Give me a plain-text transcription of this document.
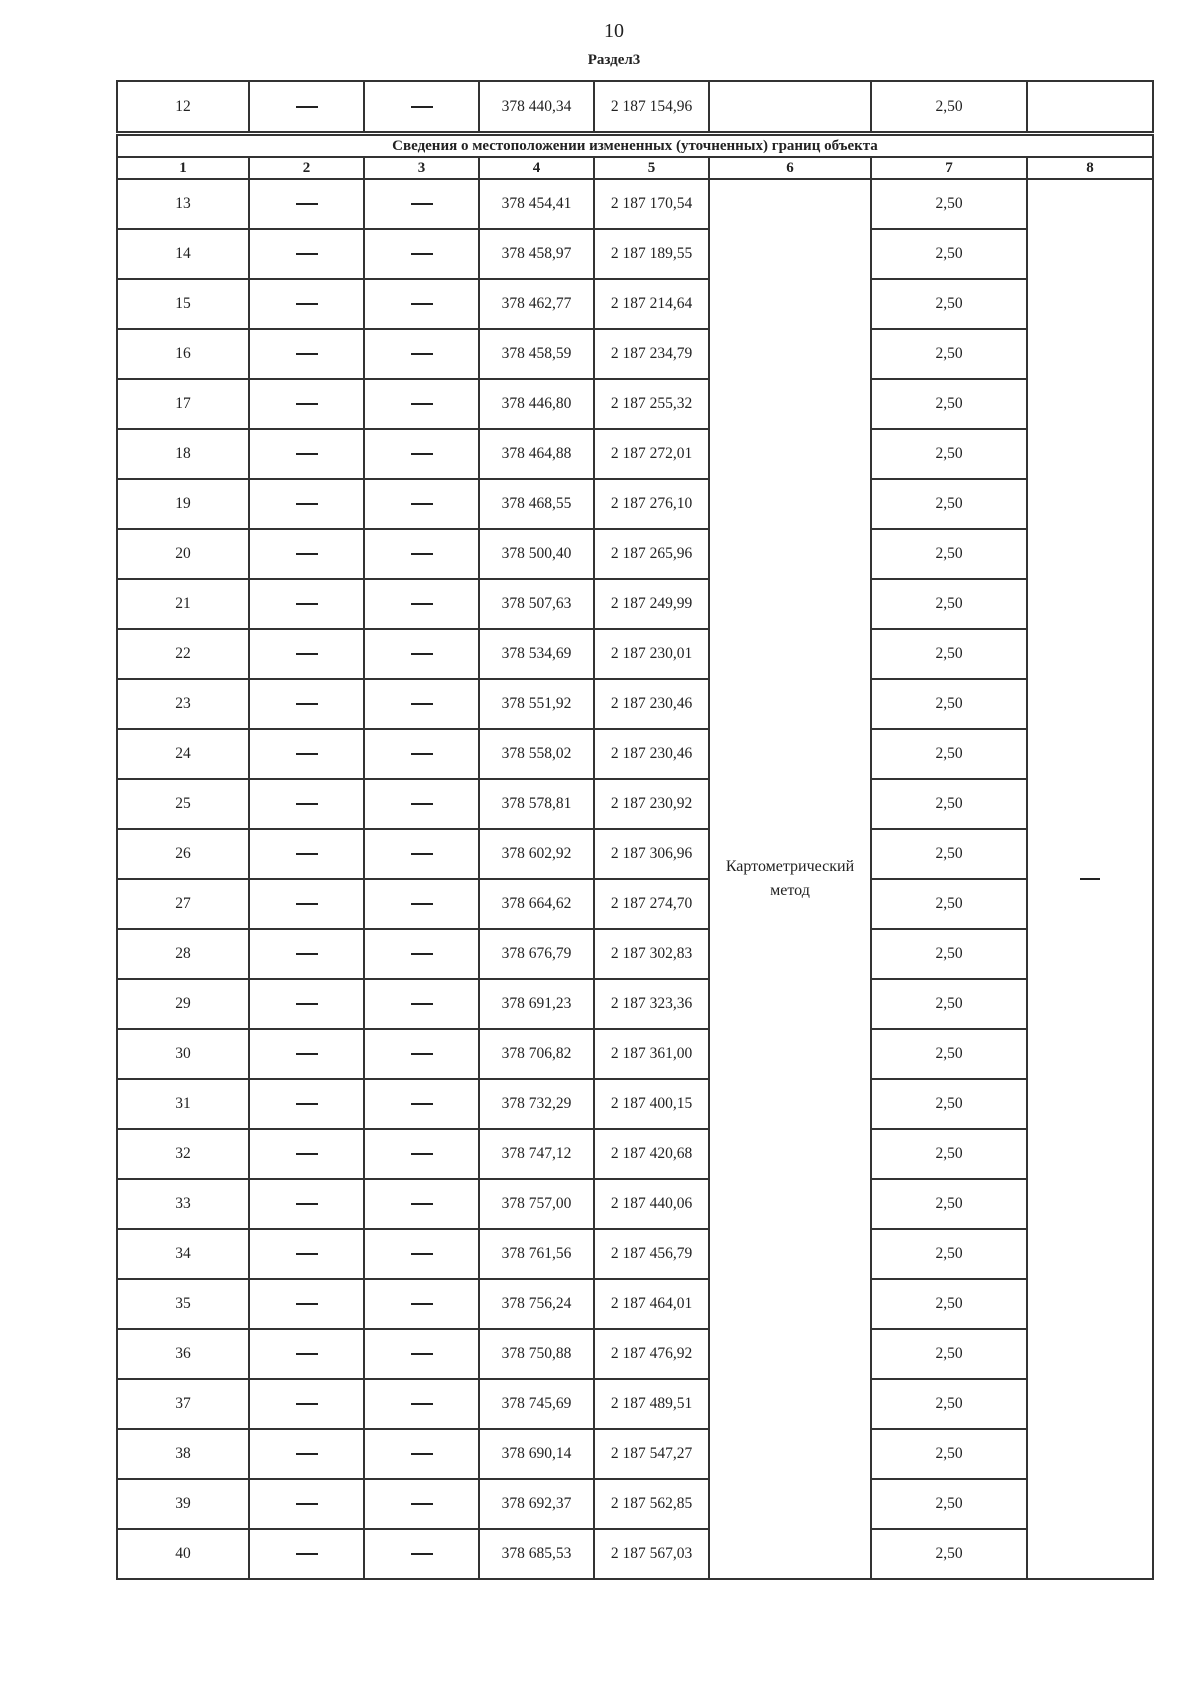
10
Раздел3
12			378 440,34	2 187 154,96		2,50	
Сведения о местоположении измененных (уточненных) границ объекта							
1	2	3	4	5	6	7	8
13			378 454,41	2 187 170,54	Картометрический метод	2,50	
14			378 458,97	2 187 189,55		2,50	
15			378 462,77	2 187 214,64		2,50	
16			378 458,59	2 187 234,79		2,50	
17			378 446,80	2 187 255,32		2,50	
18			378 464,88	2 187 272,01		2,50	
19			378 468,55	2 187 276,10		2,50	
20			378 500,40	2 187 265,96		2,50	
21			378 507,63	2 187 249,99		2,50	
22			378 534,69	2 187 230,01		2,50	
23			378 551,92	2 187 230,46		2,50	
24			378 558,02	2 187 230,46		2,50	
25			378 578,81	2 187 230,92		2,50	
26			378 602,92	2 187 306,96		2,50	
27			378 664,62	2 187 274,70		2,50	
28			378 676,79	2 187 302,83		2,50	
29			378 691,23	2 187 323,36		2,50	
30			378 706,82	2 187 361,00		2,50	
31			378 732,29	2 187 400,15		2,50	
32			378 747,12	2 187 420,68		2,50	
33			378 757,00	2 187 440,06		2,50	
34			378 761,56	2 187 456,79		2,50	
35			378 756,24	2 187 464,01		2,50	
36			378 750,88	2 187 476,92		2,50	
37			378 745,69	2 187 489,51		2,50	
38			378 690,14	2 187 547,27		2,50	
39			378 692,37	2 187 562,85		2,50	
40			378 685,53	2 187 567,03		2,50	
